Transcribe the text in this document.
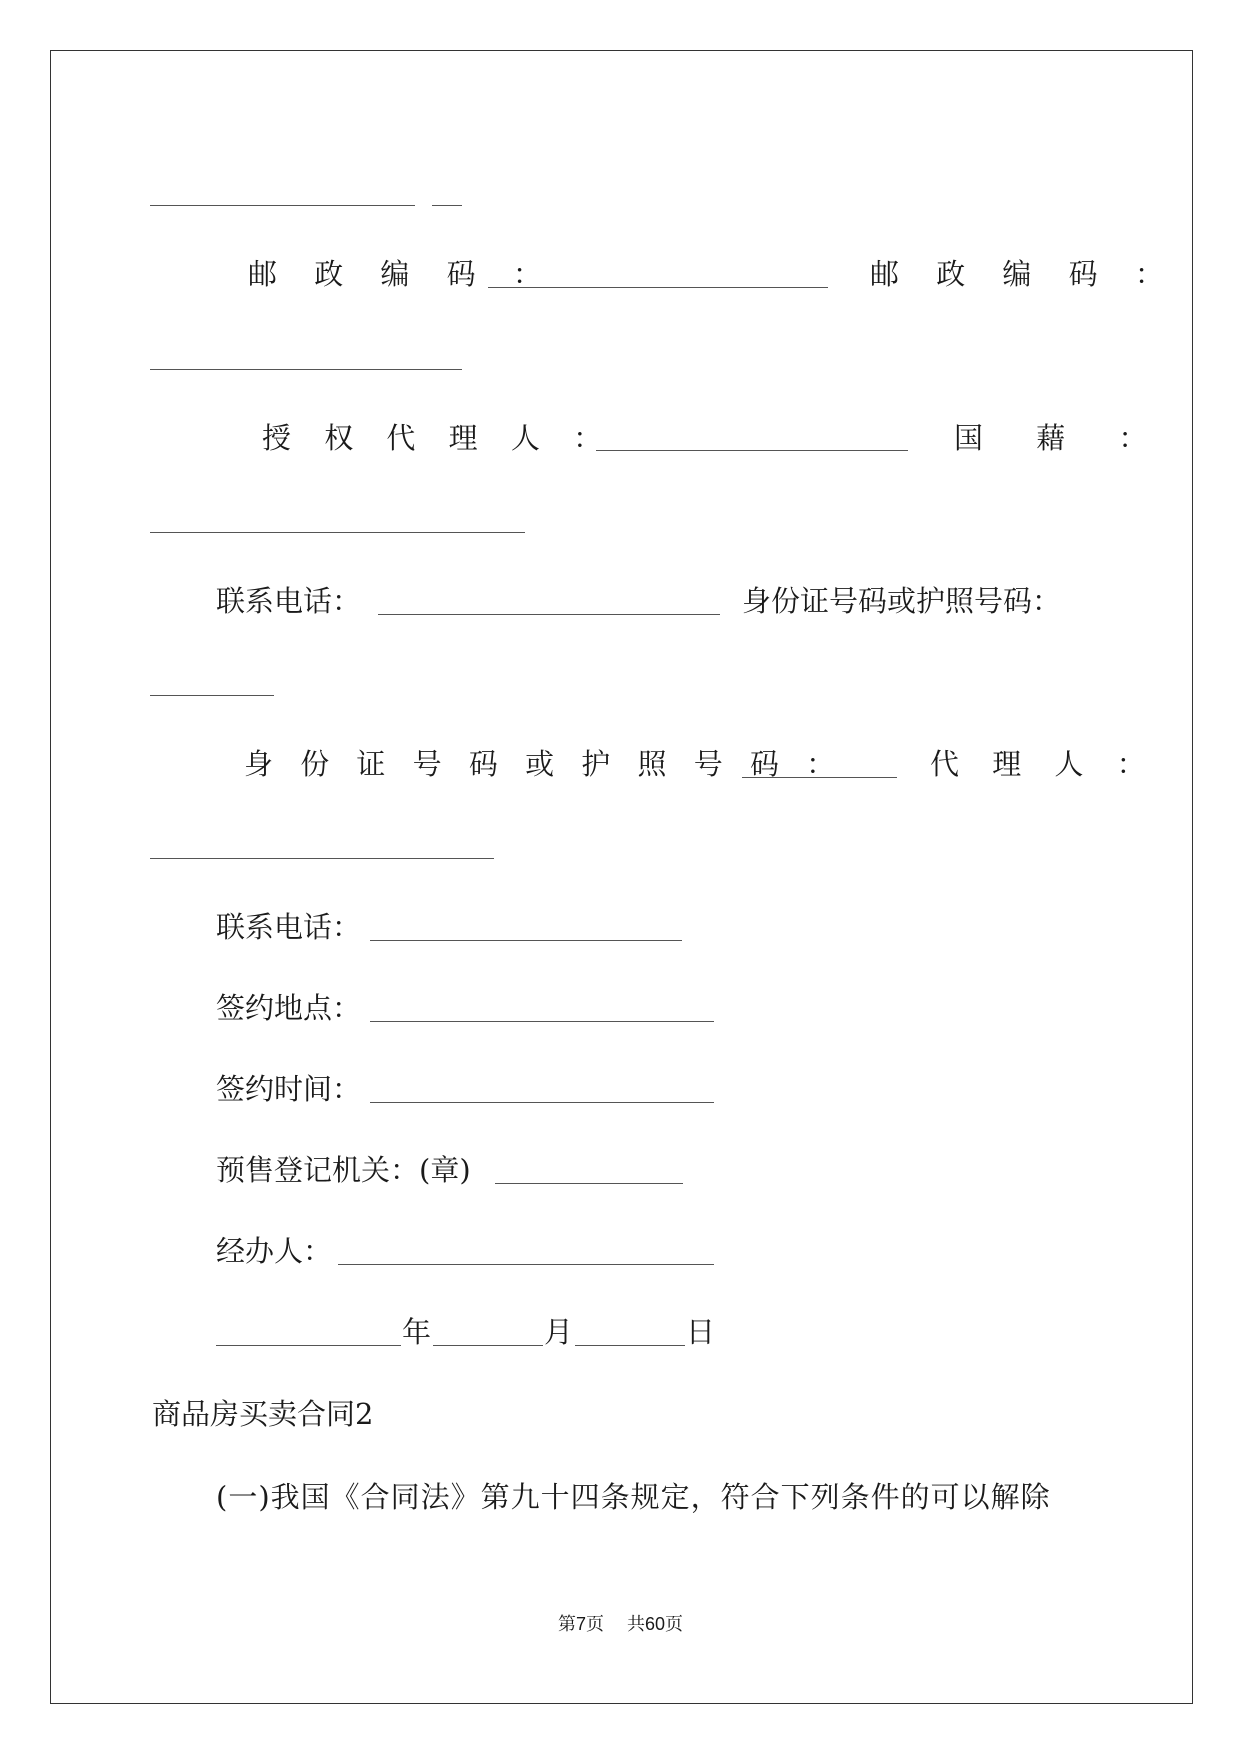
邮 政 编 码 ：	邮 政 编 码 ：
授 权 代 理 人 ：	国 藉 ：
联系电话：	身份证号码或护照号码：
身 份 证 号 码 或 护 照 号 码 ：	代 理 人 ：
联系电话：
签约地点：
签约时间：
预售登记机关：(章)
经办人：
年	月	日
商品房买卖合同2
(一)我国《合同法》第九十四条规定，符合下列条件的可以解除
第7页 共60页
